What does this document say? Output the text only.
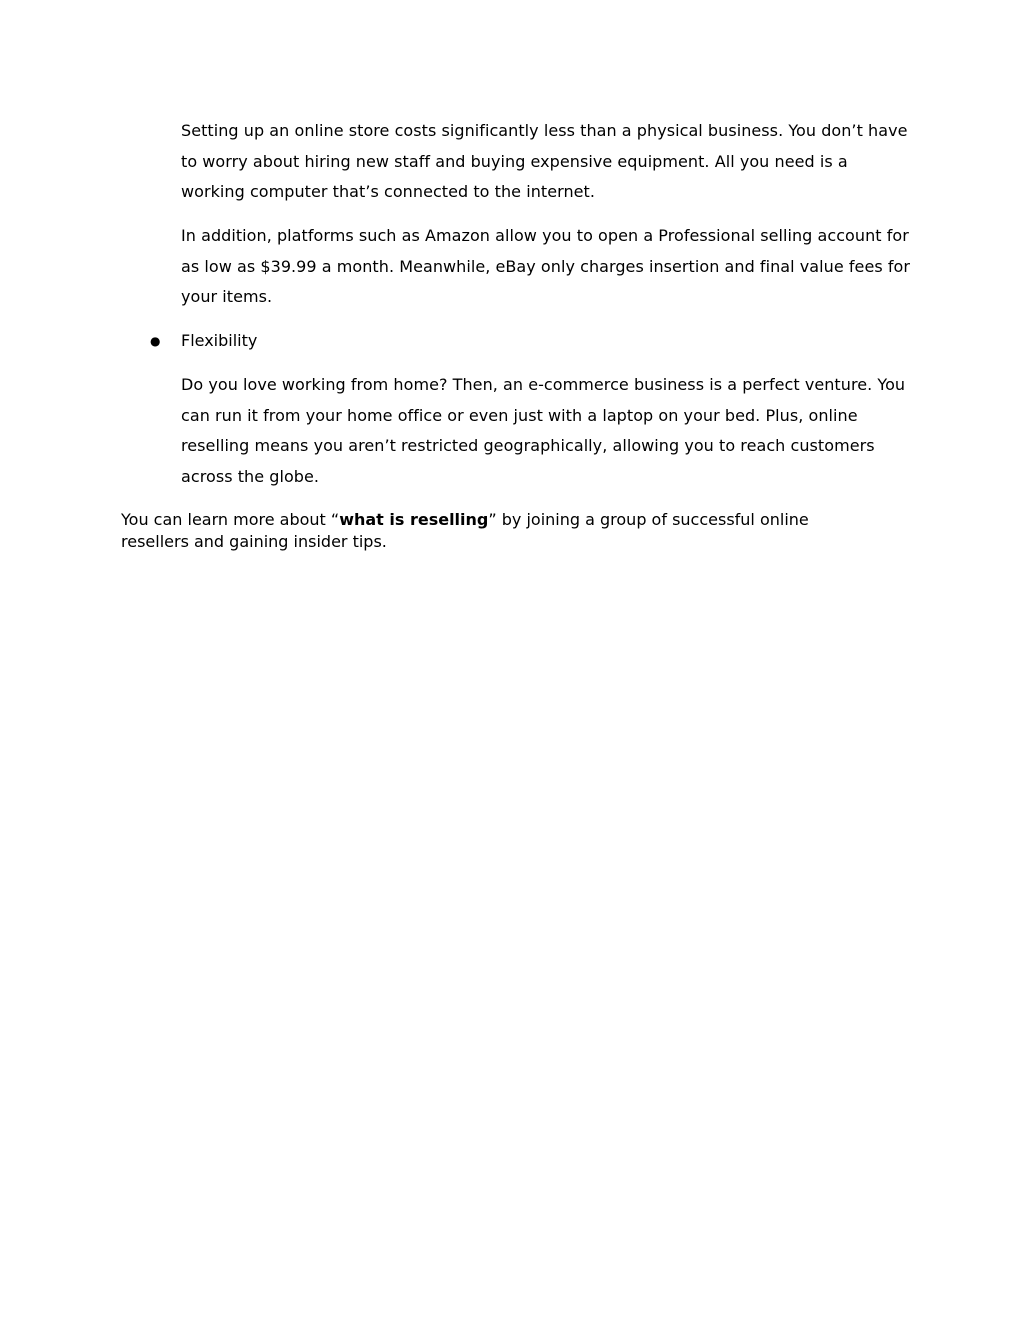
Setting up an online store costs significantly less than a physical business. You don’t have to worry about hiring new staff and buying expensive equipment. All you need is a working computer that’s connected to the internet.

In addition, platforms such as Amazon allow you to open a Professional selling account for as low as $39.99 a month. Meanwhile, eBay only charges insertion and final value fees for your items.

● Flexibility

Do you love working from home? Then, an e-commerce business is a perfect venture. You can run it from your home office or even just with a laptop on your bed. Plus, online reselling means you aren’t restricted geographically, allowing you to reach customers across the globe.

You can learn more about “what is reselling” by joining a group of successful online resellers and gaining insider tips.
